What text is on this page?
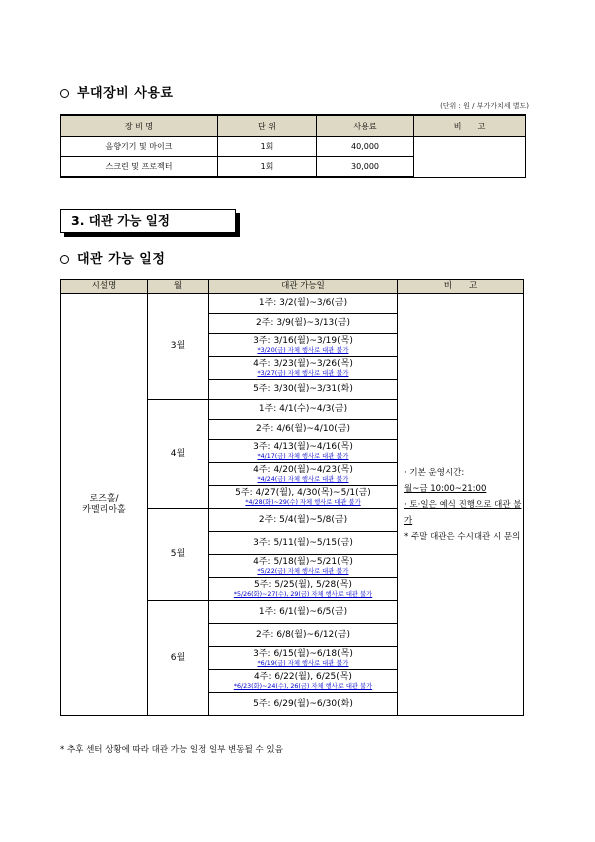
부대장비 사용료
(단위 : 원 / 부가가치세 별도)
장 비 명	단 위	사용료	비　　고
음향기기 및 마이크	1회	40,000	
스크린 및 프로젝터	1회	30,000	
3. 대관 가능 일정
대관 가능 일정
시설명	월	대관 가능일	비　　고

로즈홀/
카멜리아홀	3월	1주: 3/2(월)~3/6(금)	· 기본 운영시간:
월~금 10:00~21:00
· 토·일은 예식 진행으로 대관 불가
* 주말 대관은 수시대관 시 문의

		2주: 3/9(월)~3/13(금)	
		3주: 3/16(월)~3/19(목)
*3/20(금) 자체 행사로 대관 불가	

		4주: 3/23(월)~3/26(목)
*3/27(금) 자체 행사로 대관 불가	

		5주: 3/30(월)~3/31(화)	
	4월	1주: 4/1(수)~4/3(금)	
		2주: 4/6(월)~4/10(금)	
		3주: 4/13(월)~4/16(목)
*4/17(금) 자체 행사로 대관 불가	

		4주: 4/20(월)~4/23(목)
*4/24(금) 자체 행사로 대관 불가	

		5주: 4/27(월), 4/30(목)~5/1(금)
*4/28(화)~29(수) 자체 행사로 대관 불가	

	5월	2주: 5/4(월)~5/8(금)	
		3주: 5/11(월)~5/15(금)	
		4주: 5/18(월)~5/21(목)
*5/22(금) 자체 행사로 대관 불가	

		5주: 5/25(월), 5/28(목)
*5/26(화)~27(수), 29(금) 자체 행사로 대관 불가	

	6월	1주: 6/1(월)~6/5(금)	
		2주: 6/8(월)~6/12(금)	
		3주: 6/15(월)~6/18(목)
*6/19(금) 자체 행사로 대관 불가	

		4주: 6/22(월), 6/25(목)
*6/23(화)~24(수), 26(금) 자체 행사로 대관 불가	

		5주: 6/29(월)~6/30(화)	
* 추후 센터 상황에 따라 대관 가능 일정 일부 변동될 수 있음
